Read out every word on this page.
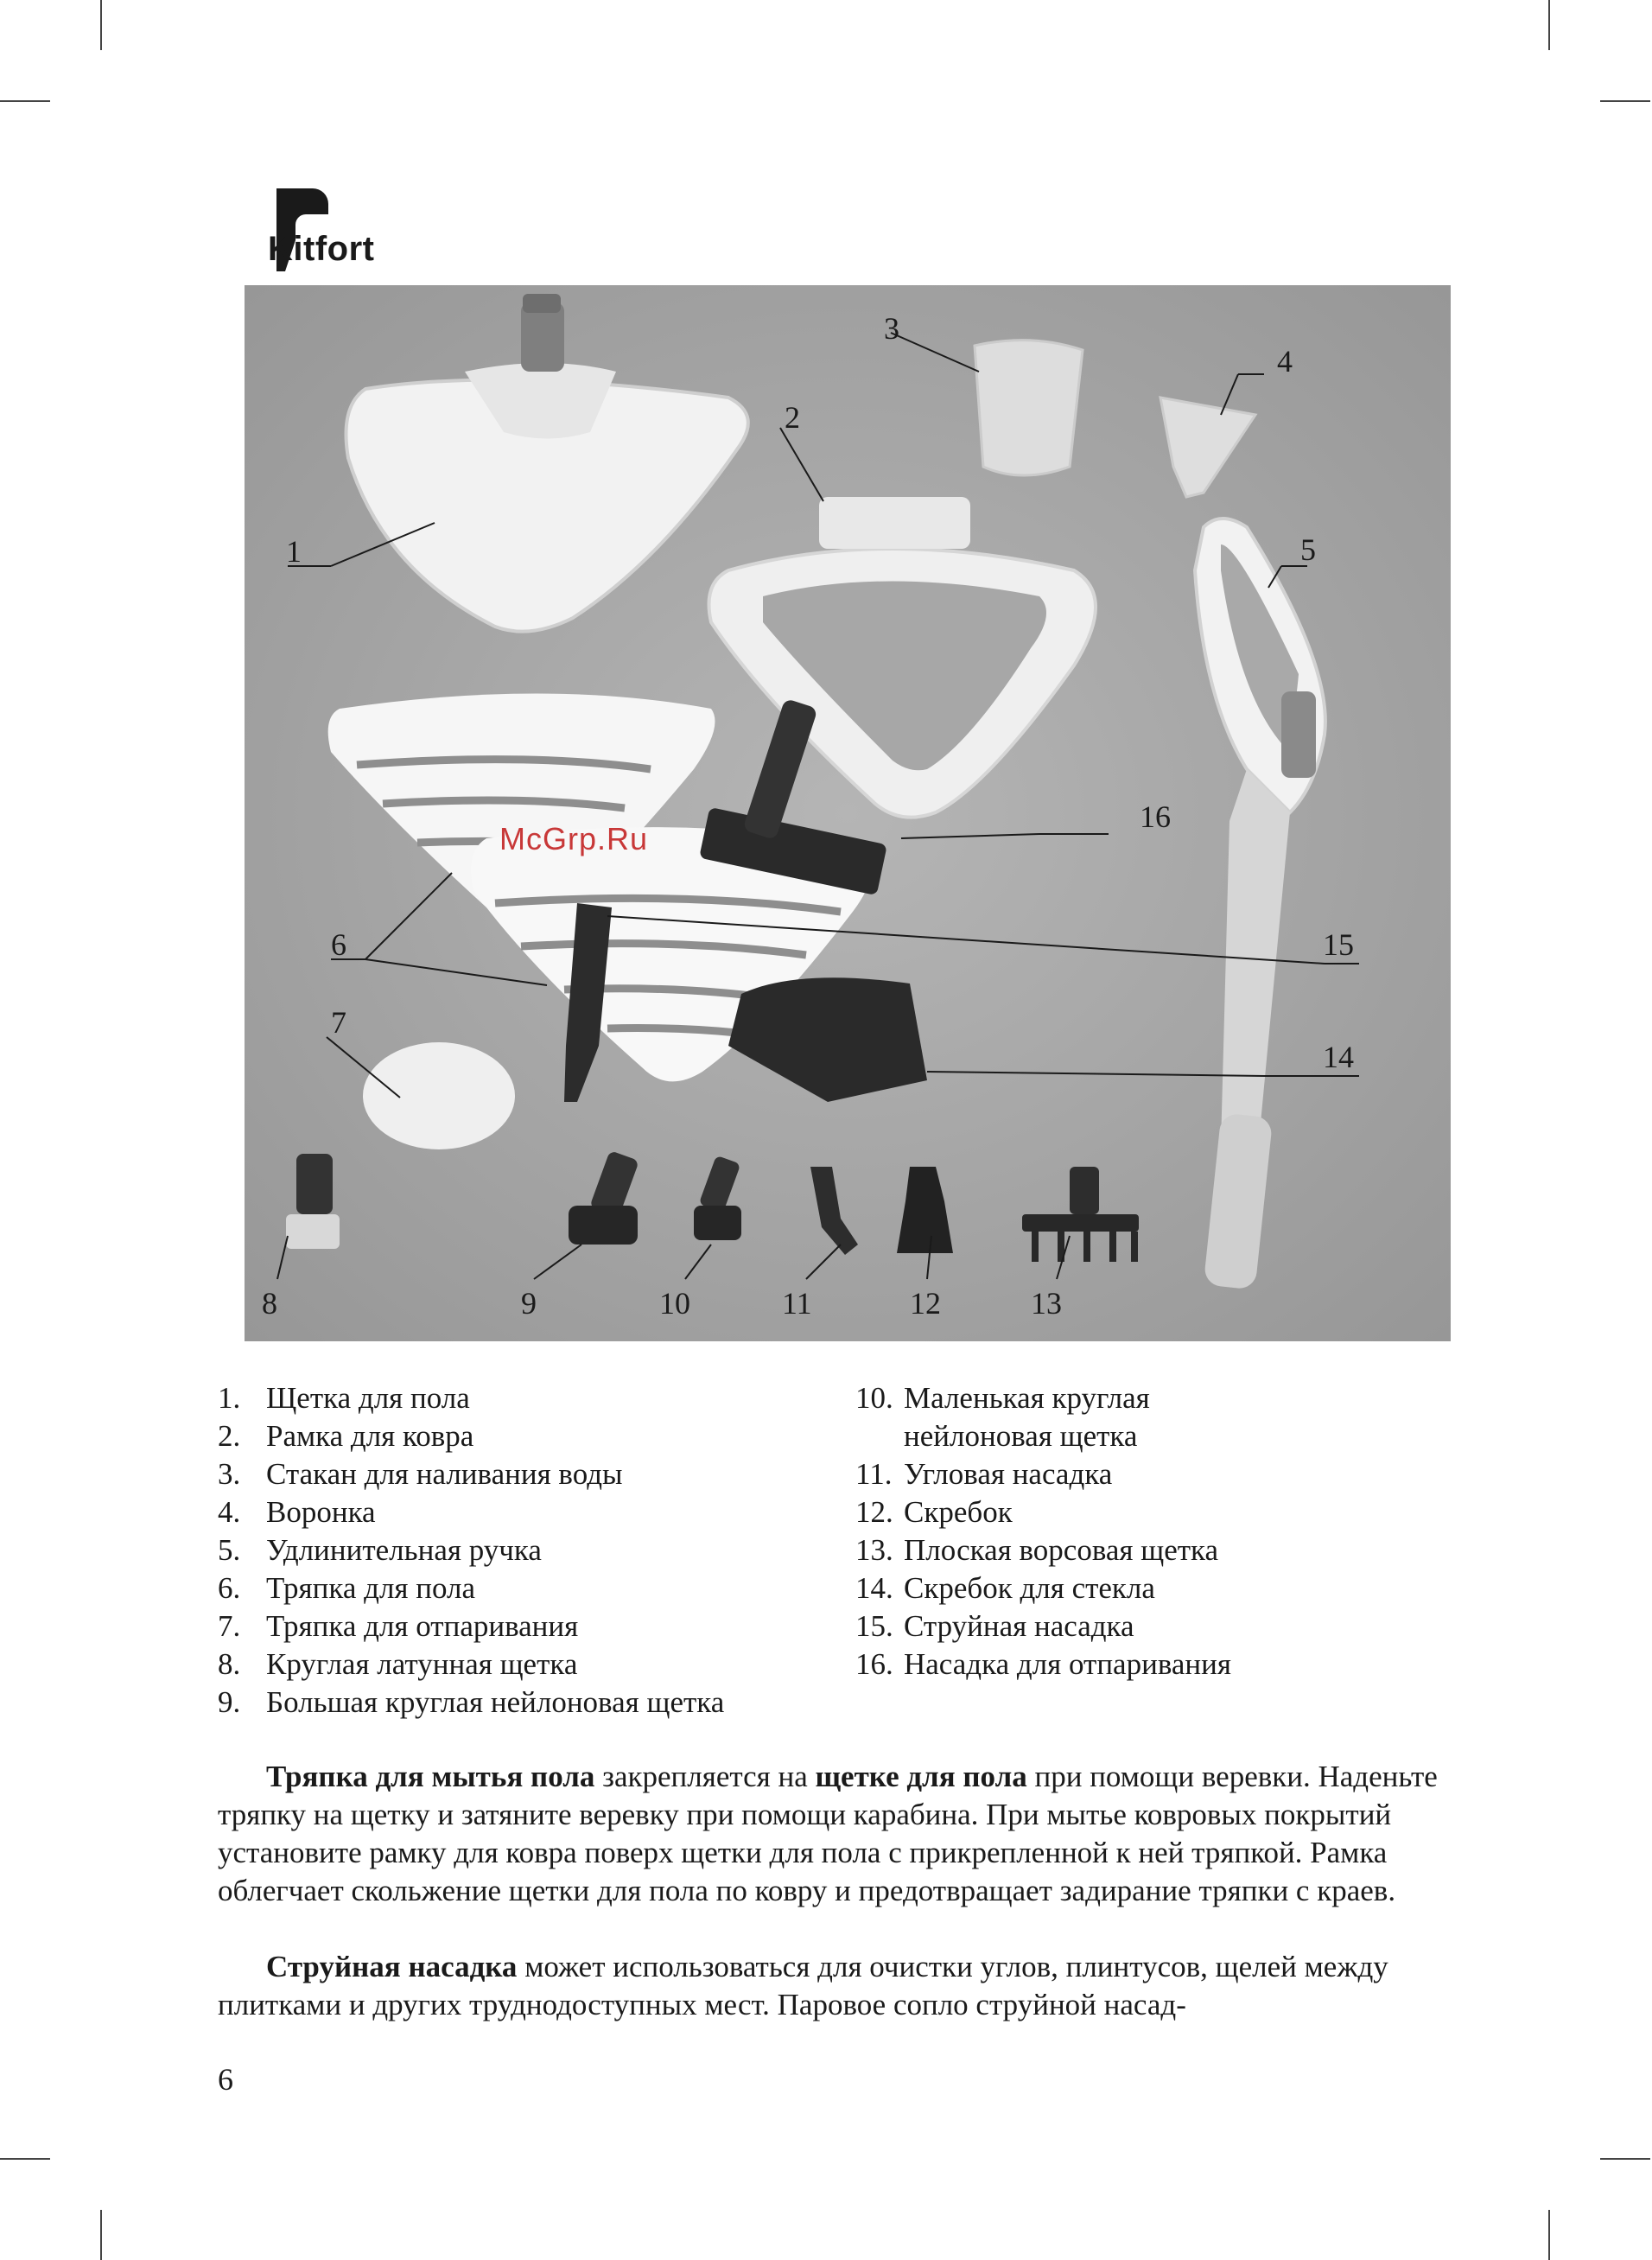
Kitfort
1
2
3
4
5
6
7
8	9	10	11	12	13
14
15
16
McGrp.Ru
1. Щетка для пола
2. Рамка для ковра
3. Стакан для наливания воды
4. Воронка
5. Удлинительная ручка
6. Тряпка для пола
7. Тряпка для отпаривания
8. Круглая латунная щетка
9. Большая круглая нейлоновая щетка
10. Маленькая круглая нейлоновая щетка
11. Угловая насадка
12. Скребок
13. Плоская ворсовая щетка
14. Скребок для стекла
15. Струйная насадка
16. Насадка для отпаривания

Тряпка для мытья пола закрепляется на щетке для пола при помощи веревки. Наденьте тряпку на щетку и затяните веревку при помощи карабина. При мытье ковровых покрытий установите рамку для ковра поверх щетки для пола с прикрепленной к ней тряпкой. Рамка облегчает скольжение щетки для пола по ковру и предотвращает задирание тряпки с краев.

Струйная насадка может использоваться для очистки углов, плинтусов, щелей между плитками и других труднодоступных мест. Паровое сопло струйной насад-

6
